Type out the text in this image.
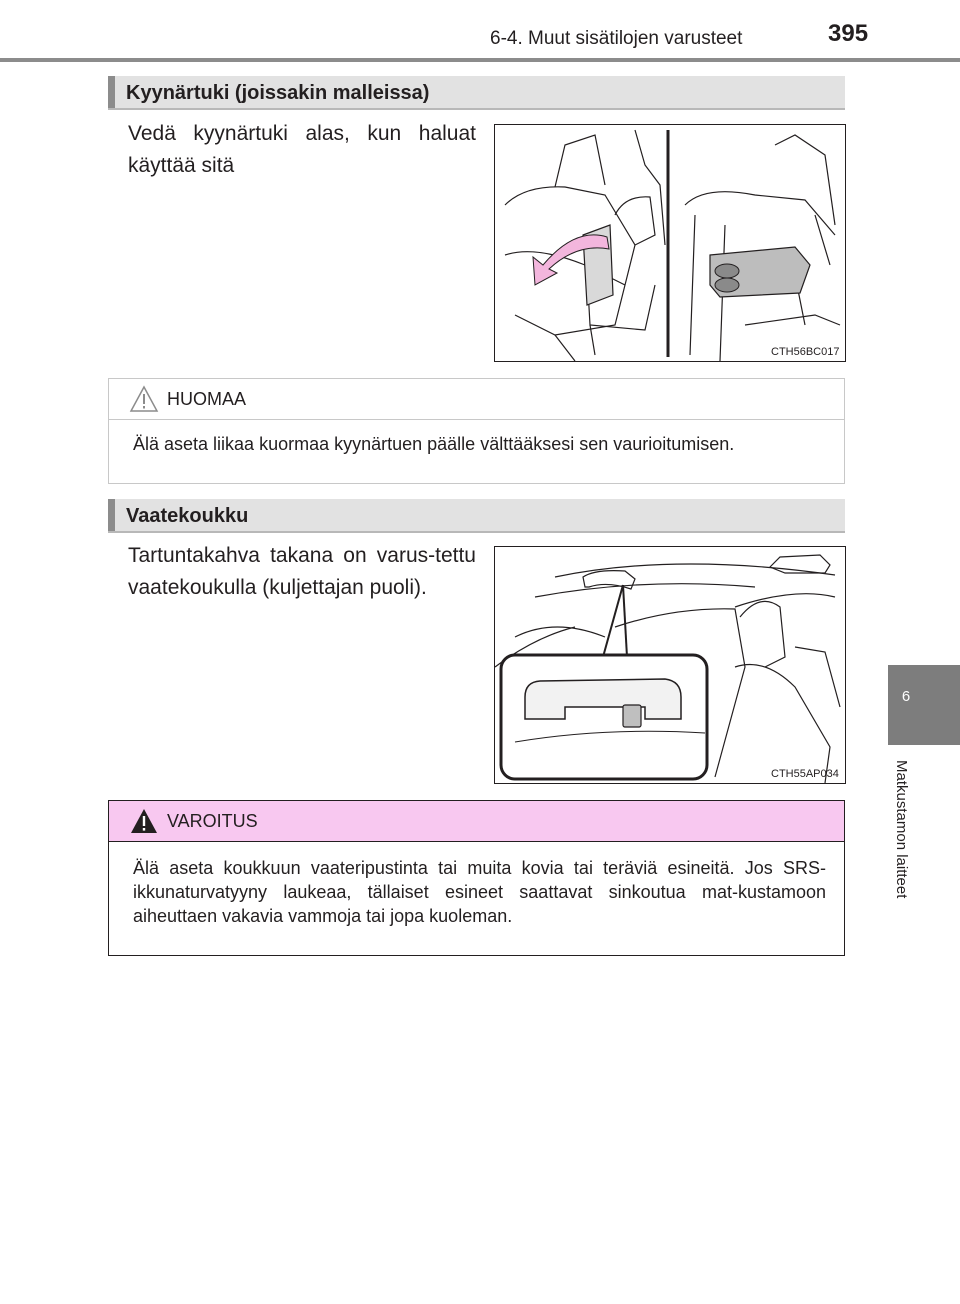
6-4. Muut sisätilojen varusteet	395
6
Matkustamon laitteet
Kyynärtuki (joissakin malleissa)
Vedä kyynärtuki alas, kun haluat käyttää sitä
CTH56BC017
HUOMAA
Älä aseta liikaa kuormaa kyynärtuen päälle välttääksesi sen vaurioitumisen.
Vaatekoukku
Tartuntakahva takana on varus-tettu vaatekoukulla (kuljettajan puoli).
CTH55AP034
VAROITUS
Älä aseta koukkuun vaateripustinta tai muita kovia tai teräviä esineitä. Jos SRS-ikkunaturvatyyny laukeaa, tällaiset esineet saattavat sinkoutua mat-kustamoon aiheuttaen vakavia vammoja tai jopa kuoleman.
